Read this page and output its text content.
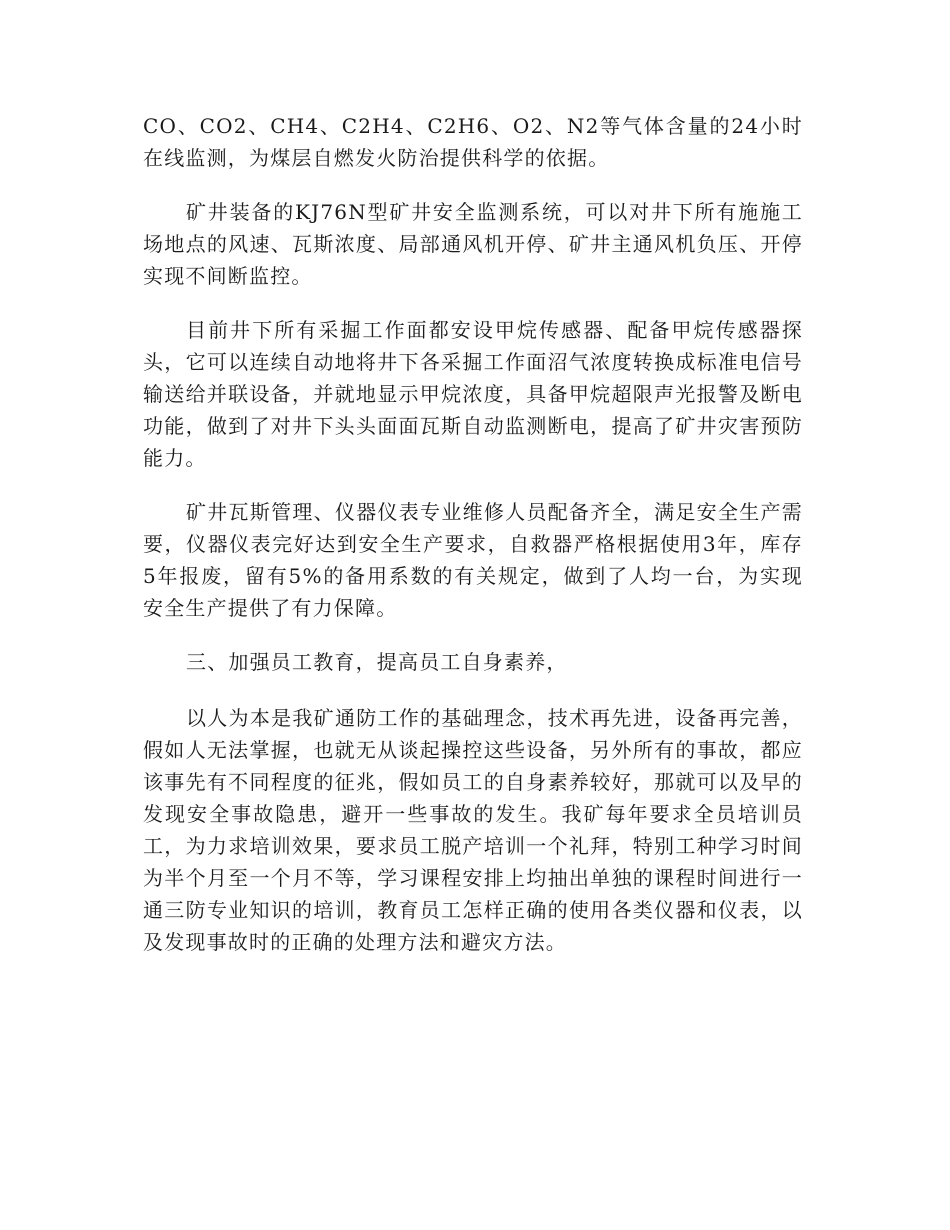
CO、CO2、CH4、C2H4、C2H6、O2、N2等气体含量的24小时在线监测，为煤层自燃发火防治提供科学的依据。

矿井装备的KJ76N型矿井安全监测系统，可以对井下所有施施工场地点的风速、瓦斯浓度、局部通风机开停、矿井主通风机负压、开停实现不间断监控。

目前井下所有采掘工作面都安设甲烷传感器、配备甲烷传感器探头，它可以连续自动地将井下各采掘工作面沼气浓度转换成标准电信号输送给并联设备，并就地显示甲烷浓度，具备甲烷超限声光报警及断电功能，做到了对井下头头面面瓦斯自动监测断电，提高了矿井灾害预防能力。

矿井瓦斯管理、仪器仪表专业维修人员配备齐全，满足安全生产需要，仪器仪表完好达到安全生产要求，自救器严格根据使用3年，库存5年报废，留有5%的备用系数的有关规定，做到了人均一台，为实现安全生产提供了有力保障。

三、加强员工教育，提高员工自身素养，

以人为本是我矿通防工作的基础理念，技术再先进，设备再完善，假如人无法掌握，也就无从谈起操控这些设备，另外所有的事故，都应该事先有不同程度的征兆，假如员工的自身素养较好，那就可以及早的发现安全事故隐患，避开一些事故的发生。我矿每年要求全员培训员工，为力求培训效果，要求员工脱产培训一个礼拜，特别工种学习时间为半个月至一个月不等，学习课程安排上均抽出单独的课程时间进行一通三防专业知识的培训，教育员工怎样正确的使用各类仪器和仪表，以及发现事故时的正确的处理方法和避灾方法。
